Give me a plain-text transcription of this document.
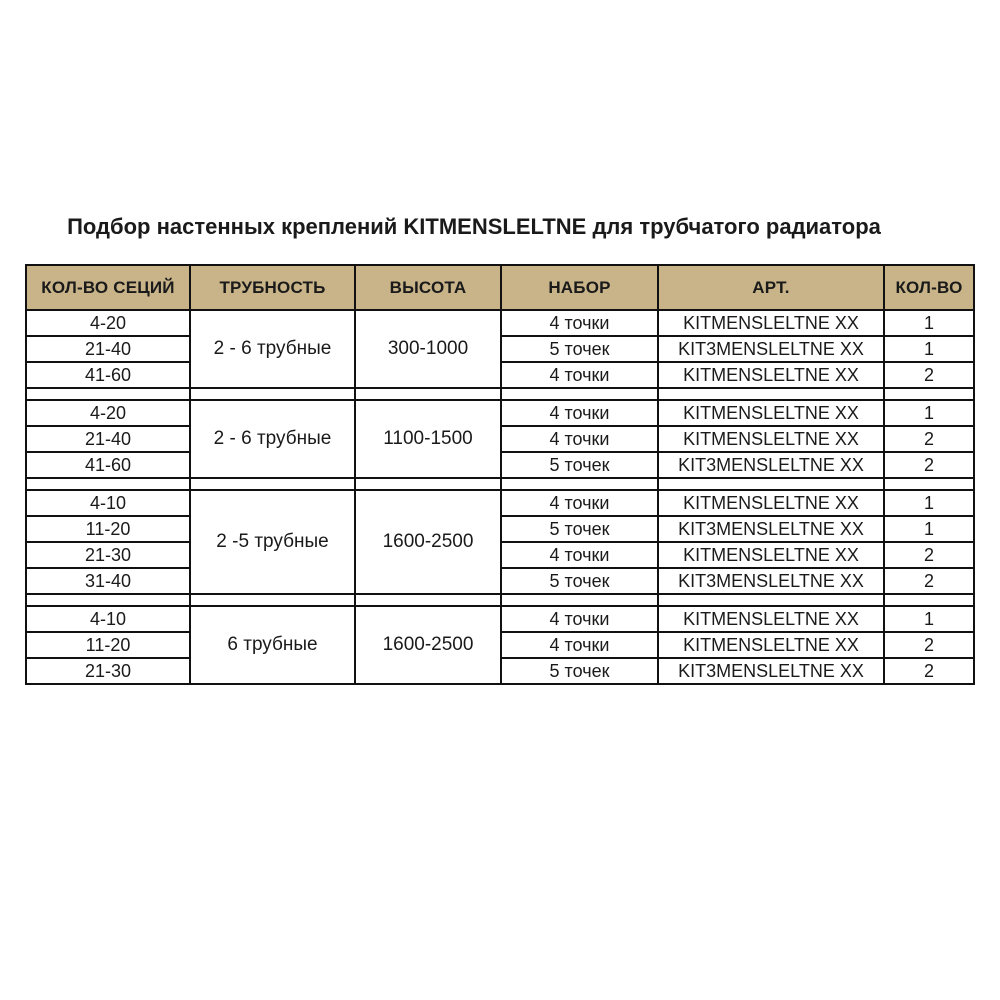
Подбор настенных креплений KITMENSLELTNE для трубчатого радиатора
КОЛ-ВО СЕЦИЙ	ТРУБНОСТЬ	ВЫСОТА	НАБОР	АРТ.	КОЛ-ВО
4-20	2 - 6 трубные	300-1000	4 точки	KITMENSLELTNE XX	1
21-40			5 точек	KIT3MENSLELTNE XX	1
41-60			4 точки	KITMENSLELTNE XX	2

4-20	2 - 6 трубные	1100-1500	4 точки	KITMENSLELTNE XX	1
21-40			4 точки	KITMENSLELTNE XX	2
41-60			5 точек	KIT3MENSLELTNE XX	2

4-10	2 -5 трубные	1600-2500	4 точки	KITMENSLELTNE XX	1
11-20			5 точек	KIT3MENSLELTNE XX	1
21-30			4 точки	KITMENSLELTNE XX	2
31-40			5 точек	KIT3MENSLELTNE XX	2

4-10	6 трубные	1600-2500	4 точки	KITMENSLELTNE XX	1
11-20			4 точки	KITMENSLELTNE XX	2
21-30			5 точек	KIT3MENSLELTNE XX	2
